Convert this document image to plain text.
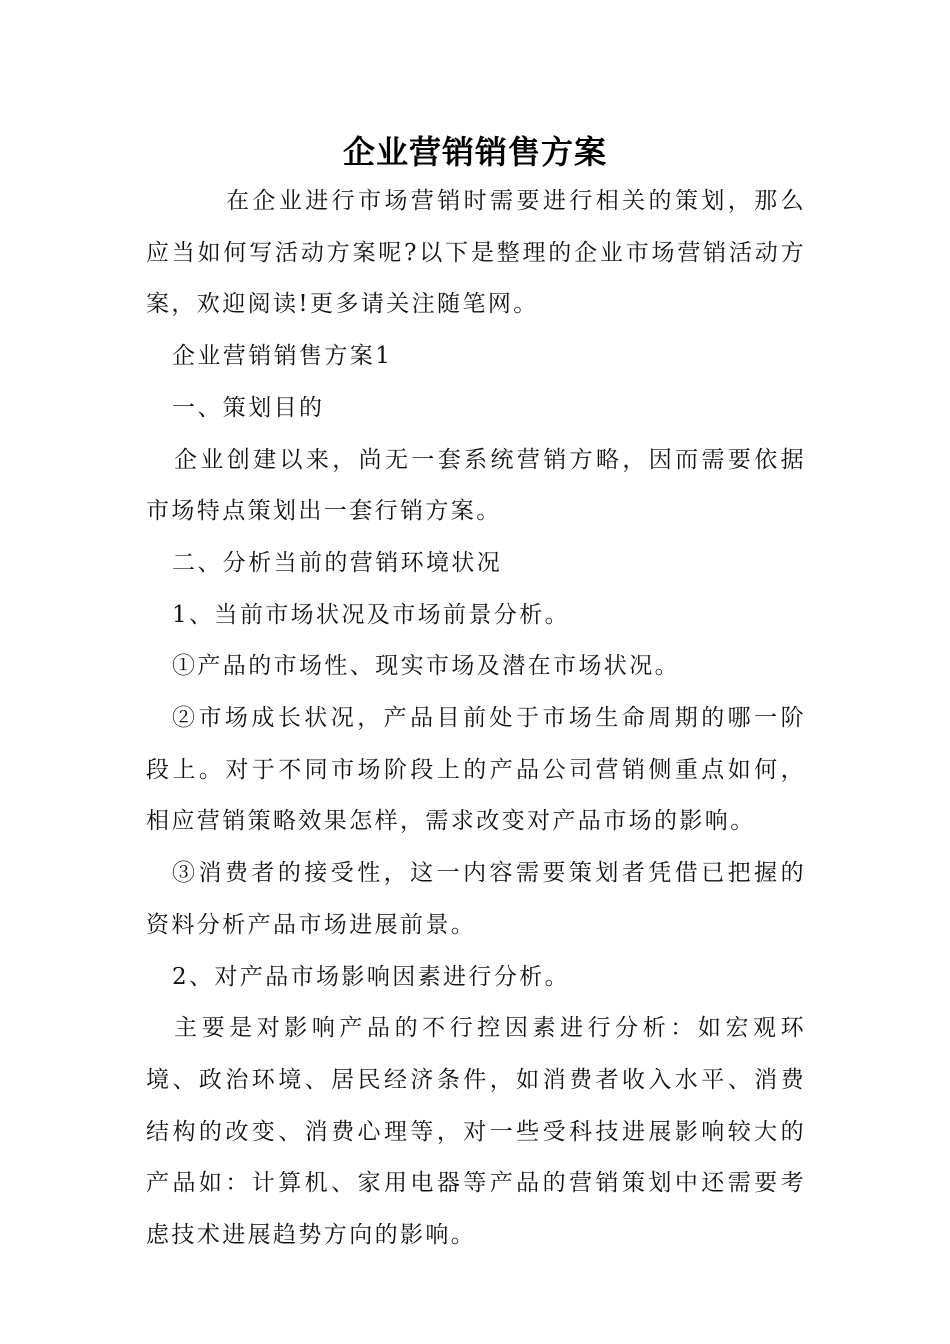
企业营销销售方案

在企业进行市场营销时需要进行相关的策划，那么应当如何写活动方案呢?以下是整理的企业市场营销活动方案，欢迎阅读!更多请关注随笔网。

企业营销销售方案1

一、策划目的

企业创建以来，尚无一套系统营销方略，因而需要依据市场特点策划出一套行销方案。

二、分析当前的营销环境状况

1、当前市场状况及市场前景分析。

①产品的市场性、现实市场及潜在市场状况。

②市场成长状况，产品目前处于市场生命周期的哪一阶段上。对于不同市场阶段上的产品公司营销侧重点如何，相应营销策略效果怎样，需求改变对产品市场的影响。

③消费者的接受性，这一内容需要策划者凭借已把握的资料分析产品市场进展前景。

2、对产品市场影响因素进行分析。

主要是对影响产品的不行控因素进行分析：如宏观环境、政治环境、居民经济条件，如消费者收入水平、消费结构的改变、消费心理等，对一些受科技进展影响较大的产品如：计算机、家用电器等产品的营销策划中还需要考虑技术进展趋势方向的影响。
